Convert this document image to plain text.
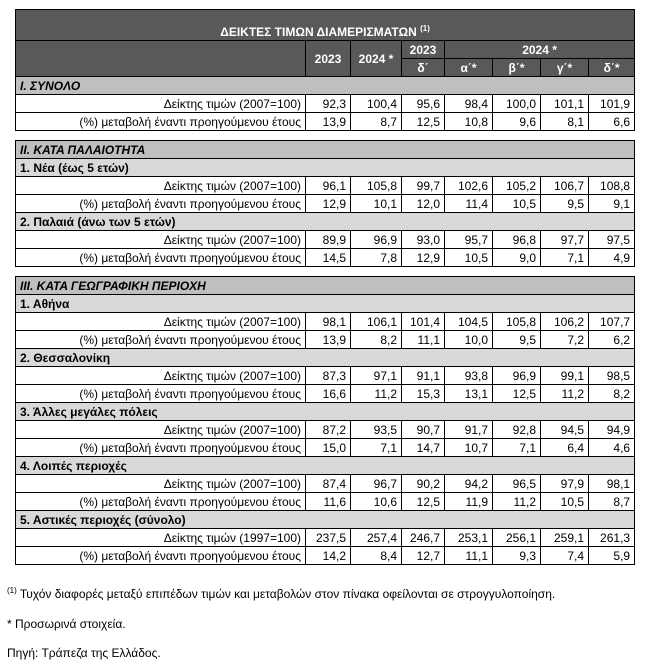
ΔΕΙΚΤΕΣ ΤΙΜΩΝ ΔΙΑΜΕΡΙΣΜΑΤΩΝ $^{(1)}$
	2023	2024 *	2023	2024 *			
			δ΄	α΄*	β΄*	γ΄*	δ΄*
Ι. ΣΥΝΟΛΟ							
Δείκτης τιμών (2007=100)	92,3	100,4	95,6	98,4	100,0	101,1	101,9
(%) μεταβολή έναντι προηγούμενου έτους	13,9	8,7	12,5	10,8	9,6	8,1	6,6

ΙΙ. ΚΑΤΑ ΠΑΛΑΙΟΤΗΤΑ							
1. Νέα (έως 5 ετών)							
Δείκτης τιμών (2007=100)	96,1	105,8	99,7	102,6	105,2	106,7	108,8
(%) μεταβολή έναντι προηγούμενου έτους	12,9	10,1	12,0	11,4	10,5	9,5	9,1
2. Παλαιά (άνω των 5 ετών)							
Δείκτης τιμών (2007=100)	89,9	96,9	93,0	95,7	96,8	97,7	97,5
(%) μεταβολή έναντι προηγούμενου έτους	14,5	7,8	12,9	10,5	9,0	7,1	4,9

ΙΙΙ. ΚΑΤΑ ΓΕΩΓΡΑΦΙΚΗ ΠΕΡΙΟΧΗ							
1. Αθήνα							
Δείκτης τιμών (2007=100)	98,1	106,1	101,4	104,5	105,8	106,2	107,7
(%) μεταβολή έναντι προηγούμενου έτους	13,9	8,2	11,1	10,0	9,5	7,2	6,2
2. Θεσσαλονίκη							
Δείκτης τιμών (2007=100)	87,3	97,1	91,1	93,8	96,9	99,1	98,5
(%) μεταβολή έναντι προηγούμενου έτους	16,6	11,2	15,3	13,1	12,5	11,2	8,2
3. Άλλες μεγάλες πόλεις							
Δείκτης τιμών (2007=100)	87,2	93,5	90,7	91,7	92,8	94,5	94,9
(%) μεταβολή έναντι προηγούμενου έτους	15,0	7,1	14,7	10,7	7,1	6,4	4,6
4. Λοιπές περιοχές							
Δείκτης τιμών (2007=100)	87,4	96,7	90,2	94,2	96,5	97,9	98,1
(%) μεταβολή έναντι προηγούμενου έτους	11,6	10,6	12,5	11,9	11,2	10,5	8,7
5. Αστικές περιοχές (σύνολο)							
Δείκτης τιμών (1997=100)	237,5	257,4	246,7	253,1	256,1	259,1	261,3
(%) μεταβολή έναντι προηγούμενου έτους	14,2	8,4	12,7	11,1	9,3	7,4	5,9
$^{(1)}$ Τυχόν διαφορές μεταξύ επιπέδων τιμών και μεταβολών στον πίνακα οφείλονται σε στρογγυλοποίηση.
* Προσωρινά στοιχεία.
Πηγή: Τράπεζα της Ελλάδος.
